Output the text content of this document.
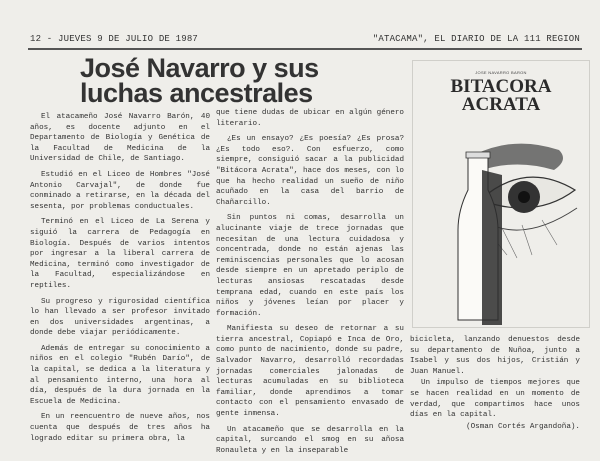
12 - JUEVES 9 DE JULIO DE 1987	"ATACAMA", EL DIARIO DE LA 111 REGION
José Navarro y sus luchas ancestrales

El atacameño José Navarro Barón, 40 años, es docente adjunto en el Departamento de Biología y Genética de la Facultad de Medicina de la Universidad de Chile, de Santiago.

Estudió en el Liceo de Hombres "José Antonio Carvajal", de donde fue conminado a retirarse, en la década del sesenta, por problemas conductuales.

Terminó en el Liceo de La Serena y siguió la carrera de Pedagogía en Biología. Después de varios intentos por ingresar a la liberal carrera de Medicina, terminó como investigador de la Facultad, especializándose en reptiles.

Su progreso y rigurosidad científica lo han llevado a ser profesor invitado en dos universidades argentinas, a donde debe viajar periódicamente.

Además de entregar su conocimiento a niños en el colegio "Rubén Darío", de la capital, se dedica a la literatura y al pensamiento interno, una hora al día, después de la dura jornada en la Escuela de Medicina.

En un reencuentro de nueve años, nos cuenta que después de tres años ha logrado editar su primera obra, la

que tiene dudas de ubicar en algún género literario.

¿Es un ensayo? ¿Es poesía? ¿Es prosa? ¿Es todo eso?. Con esfuerzo, como siempre, consiguió sacar a la publicidad "Bitácora Acrata", hace dos meses, con lo que ha hecho realidad un sueño de niño acuñado en la casa del barrio de Chañarcillo.

Sin puntos ni comas, desarrolla un alucinante viaje de trece jornadas que necesitan de una lectura cuidadosa y concentrada, donde no están ajenas las reminiscencias personales que lo acosan desde siempre en un apretado periplo de lecturas ansiosas rescatadas desde temprana edad, cuando en este país los niños y jóvenes leían por placer y formación.

Manifiesta su deseo de retornar a su tierra ancestral, Copiapó e Inca de Oro, como punto de nacimiento, donde su padre, Salvador Navarro, desarrolló recordadas jornadas comerciales jalonadas de lecturas acumuladas en su biblioteca familiar, donde aprendimos a tomar contacto con el pensamiento envasado de gente inmensa.

Un atacameño que se desarrolla en la capital, surcando el smog en su añosa Ronauleta y en la inseparable

JOSE NAVARRO BARON
BITACORA
ACRATA

bicicleta, lanzando denuestos desde su departamento de Nuñoa, junto a Isabel y sus dos hijos, Cristián y Juan Manuel.

Un impulso de tiempos mejores que se hacen realidad en un momento de verdad, que compartimos hace unos días en la capital.

(Osman Cortés Argandoña).
